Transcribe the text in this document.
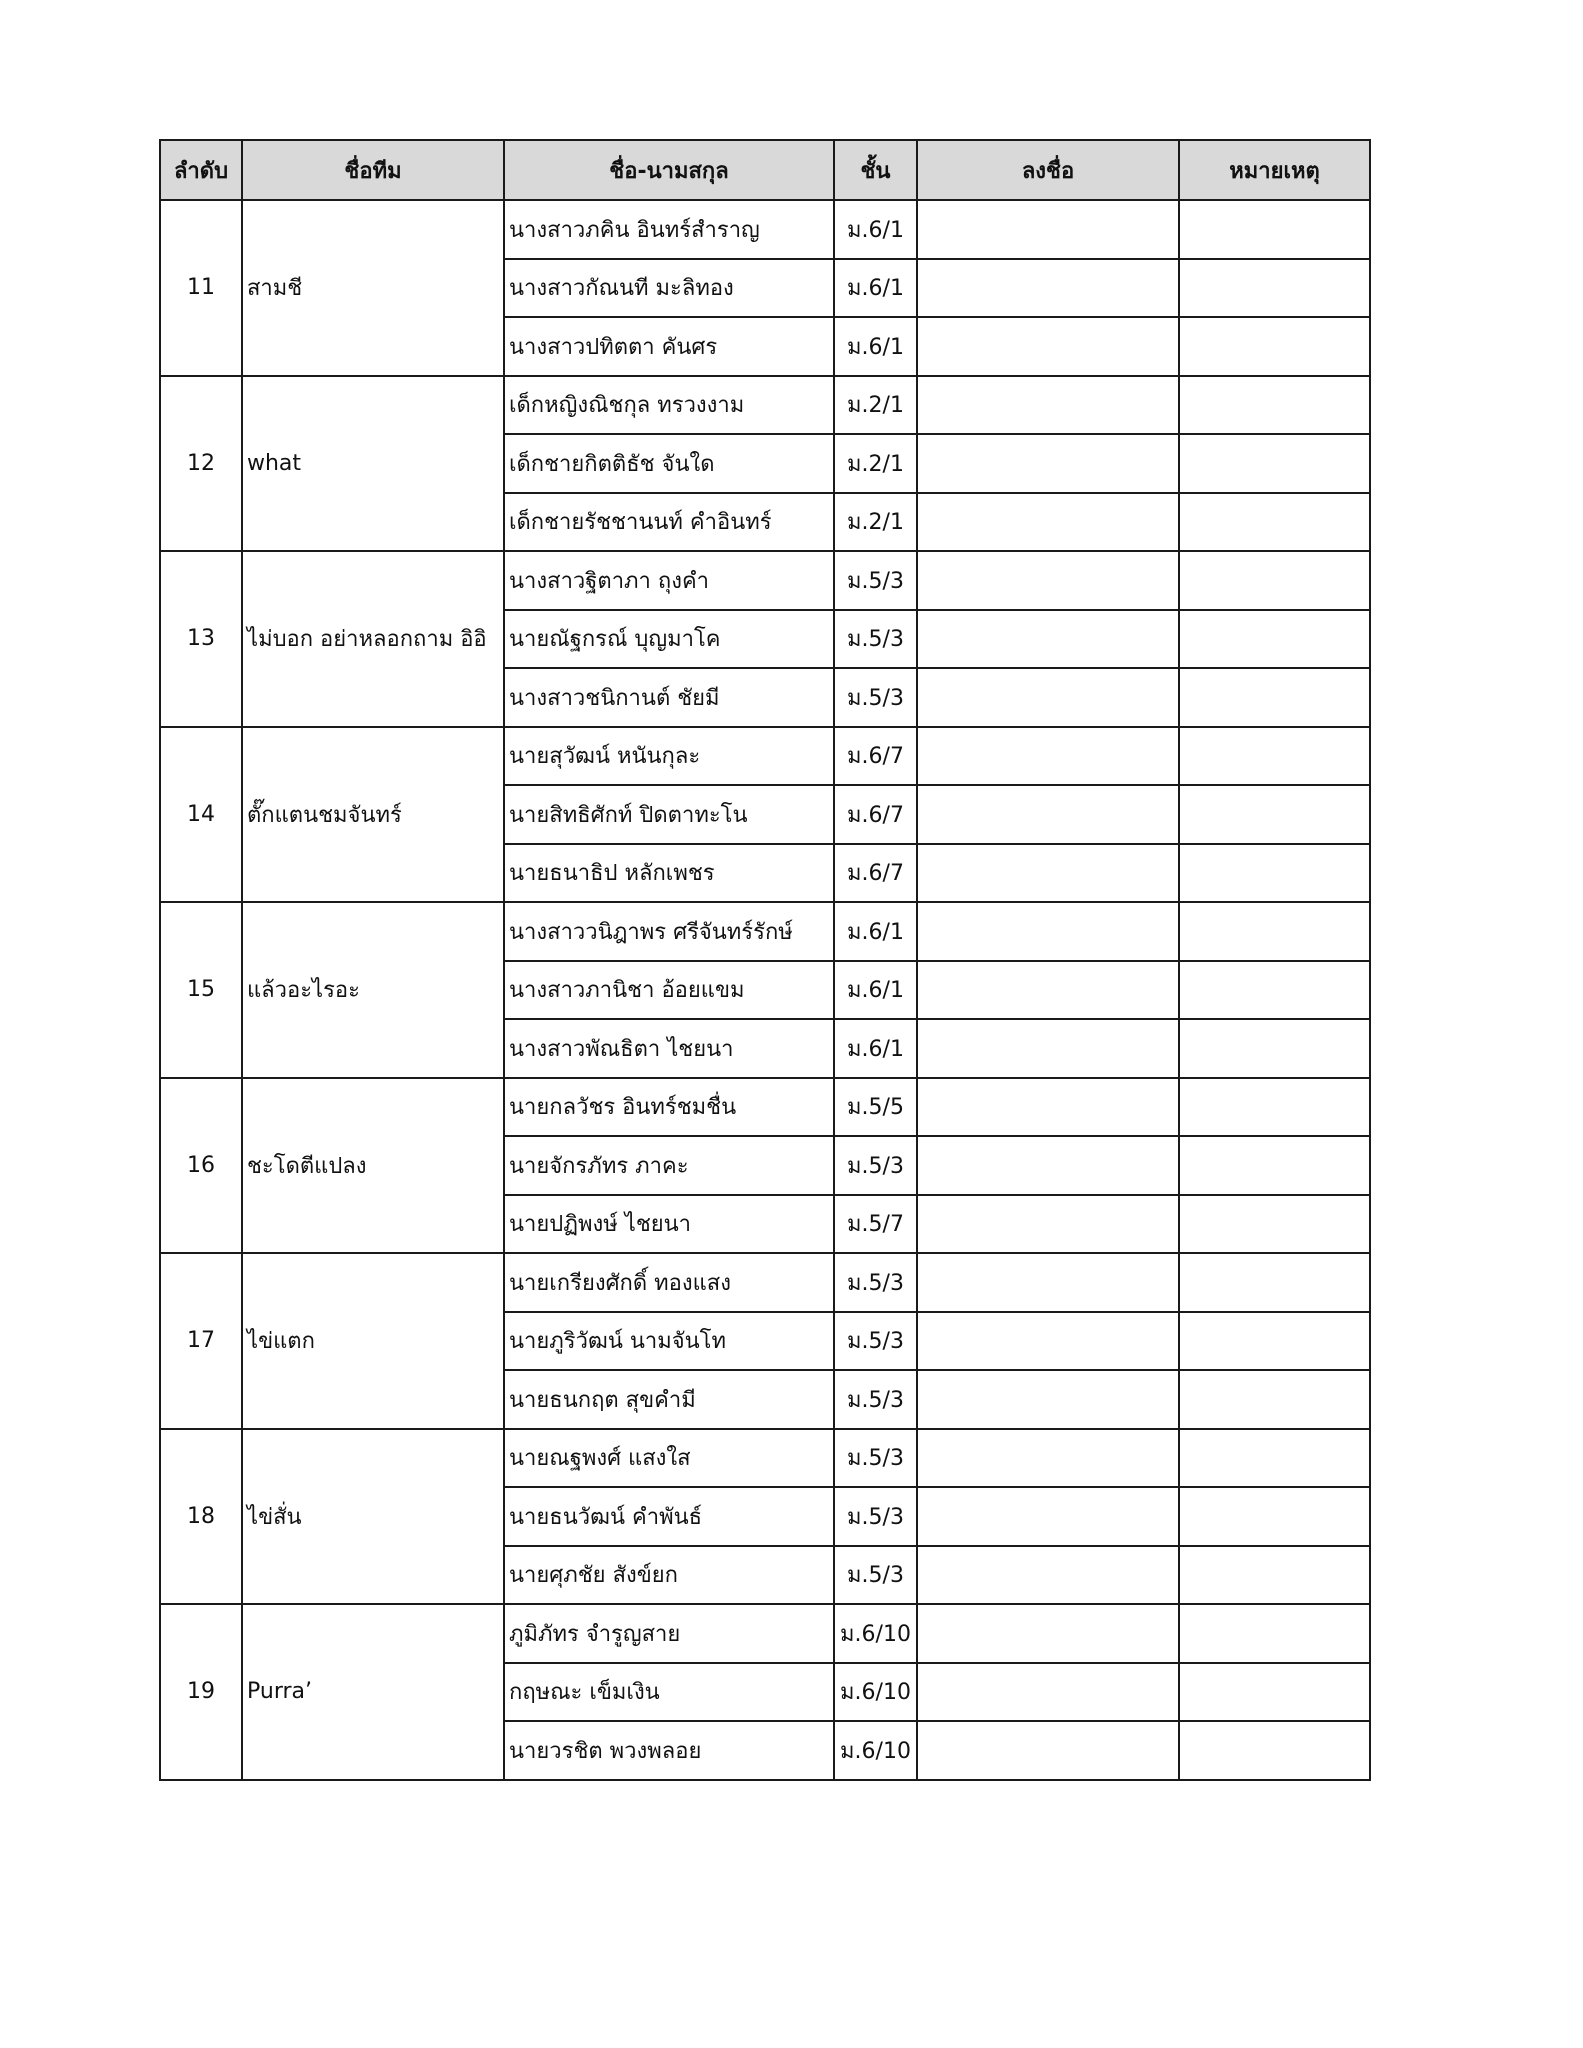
ลำดับ	ชื่อทีม	ชื่อ-นามสกุล	ชั้น	ลงชื่อ	หมายเหตุ
11	สามชี	นางสาวภคิน อินทร์สำราญ	ม.6/1		
		นางสาวกัณนที มะลิทอง	ม.6/1		
		นางสาวปทิตตา คันศร	ม.6/1		
12	what	เด็กหญิงณิชกุล ทรวงงาม	ม.2/1		
		เด็กชายกิตติธัช จันใด	ม.2/1		
		เด็กชายรัชชานนท์ คำอินทร์	ม.2/1		
13	ไม่บอก อย่าหลอกถาม อิอิ	นางสาวฐิตาภา ถุงคำ	ม.5/3		
		นายณัฐกรณ์ บุญมาโค	ม.5/3		
		นางสาวชนิกานต์ ชัยมี	ม.5/3		
14	ตั๊กแตนชมจันทร์	นายสุวัฒน์ หนันกุละ	ม.6/7		
		นายสิทธิศักท์ ปิดตาทะโน	ม.6/7		
		นายธนาธิป หลักเพชร	ม.6/7		
15	แล้วอะไรอะ	นางสาววนิฎาพร ศรีจันทร์รักษ์	ม.6/1		
		นางสาวภานิชา อ้อยแขม	ม.6/1		
		นางสาวพัณธิตา ไชยนา	ม.6/1		
16	ชะโดตีแปลง	นายกลวัชร อินทร์ชมชื่น	ม.5/5		
		นายจักรภัทร ภาคะ	ม.5/3		
		นายปฏิพงษ์ ไชยนา	ม.5/7		
17	ไข่แตก	นายเกรียงศักดิ์ ทองแสง	ม.5/3		
		นายภูริวัฒน์ นามจันโท	ม.5/3		
		นายธนกฤต สุขคำมี	ม.5/3		
18	ไข่สั่น	นายณฐพงศ์ แสงใส	ม.5/3		
		นายธนวัฒน์ คำพันธ์	ม.5/3		
		นายศุภชัย สังข์ยก	ม.5/3		
19	Purra’	ภูมิภัทร จำรูญสาย	ม.6/10		
		กฤษณะ เข็มเงิน	ม.6/10		
		นายวรชิต พวงพลอย	ม.6/10		
